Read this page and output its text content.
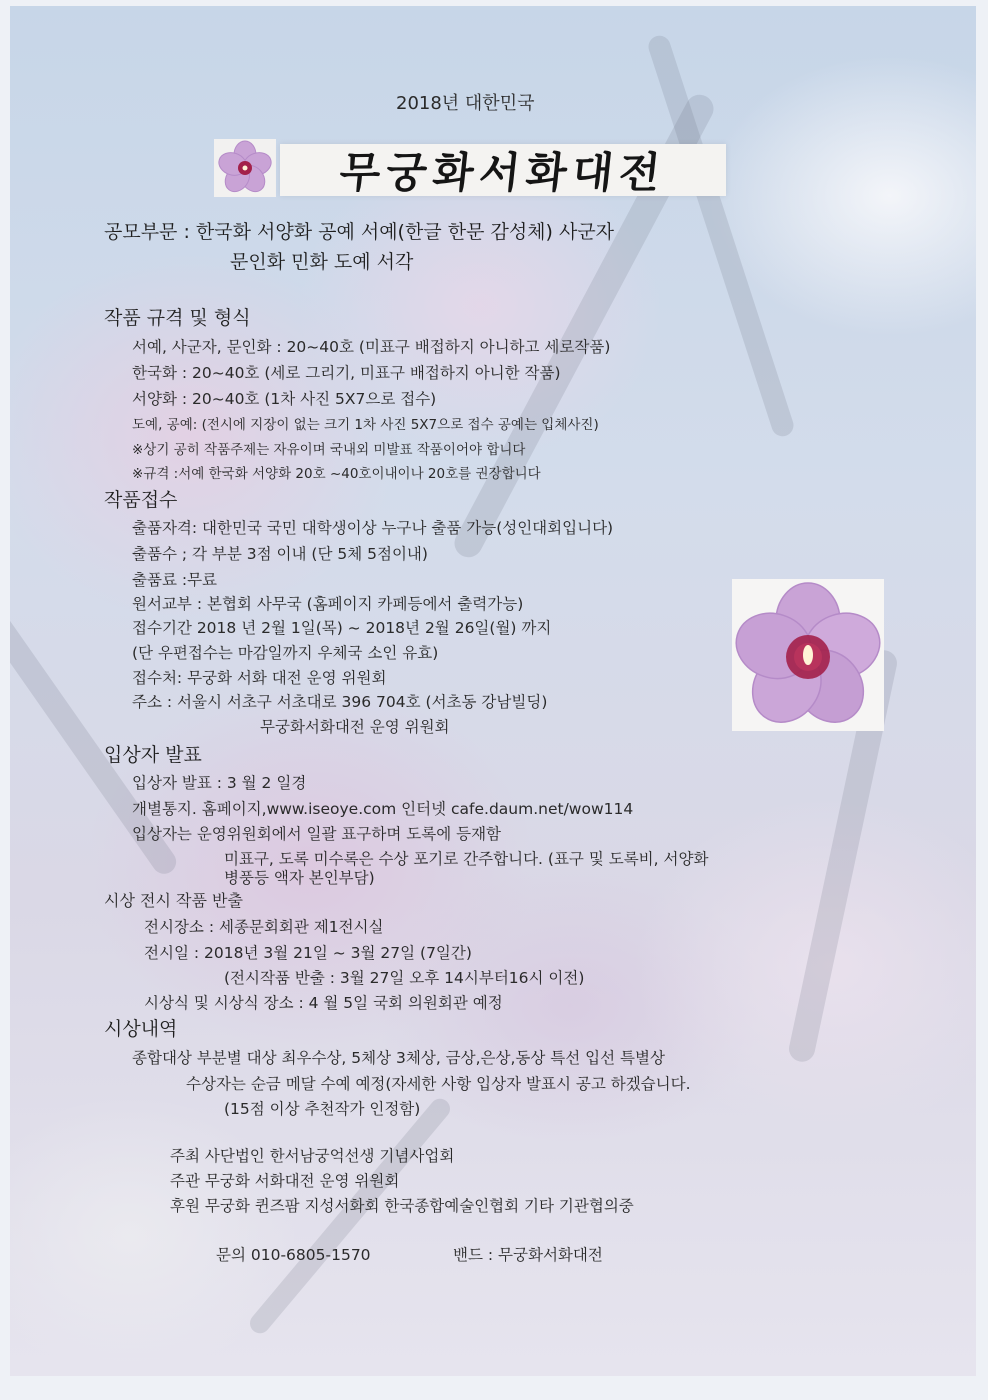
2018년 대한민국
무궁화서화대전
공모부문 : 한국화 서양화 공예 서예(한글 한문 감성체) 사군자
문인화 민화 도예 서각
작품 규격 및 형식
서예, 사군자, 문인화 : 20~40호 (미표구 배접하지 아니하고 세로작품)
한국화 : 20~40호 (세로 그리기, 미표구 배접하지 아니한 작품)
서양화 : 20~40호 (1차 사진 5X7으로 접수)
도예, 공예: (전시에 지장이 없는 크기 1차 사진 5X7으로 접수 공예는 입체사진)
※상기 공히 작품주제는 자유이며 국내외 미발표 작품이어야 합니다
※규격 :서예 한국화 서양화 20호 ~40호이내이나 20호를 권장합니다
작품접수
출품자격: 대한민국 국민 대학생이상 누구나 출품 가능(성인대회입니다)
출품수 ; 각 부분 3점 이내 (단 5체 5점이내)
출품료 :무료
원서교부 : 본협회 사무국 (홈페이지 카페등에서 출력가능)
접수기간 2018 년 2월 1일(목) ~ 2018년 2월 26일(월) 까지
(단 우편접수는 마감일까지 우체국 소인 유효)
접수처: 무궁화 서화 대전 운영 위원회
주소 : 서울시 서초구 서초대로 396 704호 (서초동 강남빌딩)
무궁화서화대전 운영 위원회
입상자 발표
입상자 발표 : 3 월 2 일경
개별통지. 홈페이지,www.iseoye.com 인터넷 cafe.daum.net/wow114
입상자는 운영위원회에서 일괄 표구하며 도록에 등재함
미표구, 도록 미수록은 수상 포기로 간주합니다. (표구 및 도록비, 서양화
병풍등 액자 본인부담)
시상 전시 작품 반출
전시장소 : 세종문회회관 제1전시실
전시일 : 2018년 3월 21일 ~ 3월 27일 (7일간)
(전시작품 반출 : 3월 27일 오후 14시부터16시 이전)
시상식 및 시상식 장소 : 4 월 5일 국회 의원회관 예정
시상내역
종합대상 부분별 대상 최우수상, 5체상 3체상, 금상,은상,동상 특선 입선 특별상
수상자는 순금 메달 수예 예정(자세한 사항 입상자 발표시 공고 하겠습니다.
(15점 이상 추천작가 인정함)
주최 사단법인 한서남궁억선생 기념사업회
주관 무궁화 서화대전 운영 위원회
후원 무궁화 퀸즈팜 지성서화회 한국종합예술인협회 기타 기관협의중
문의 010-6805-1570	밴드 : 무궁화서화대전
